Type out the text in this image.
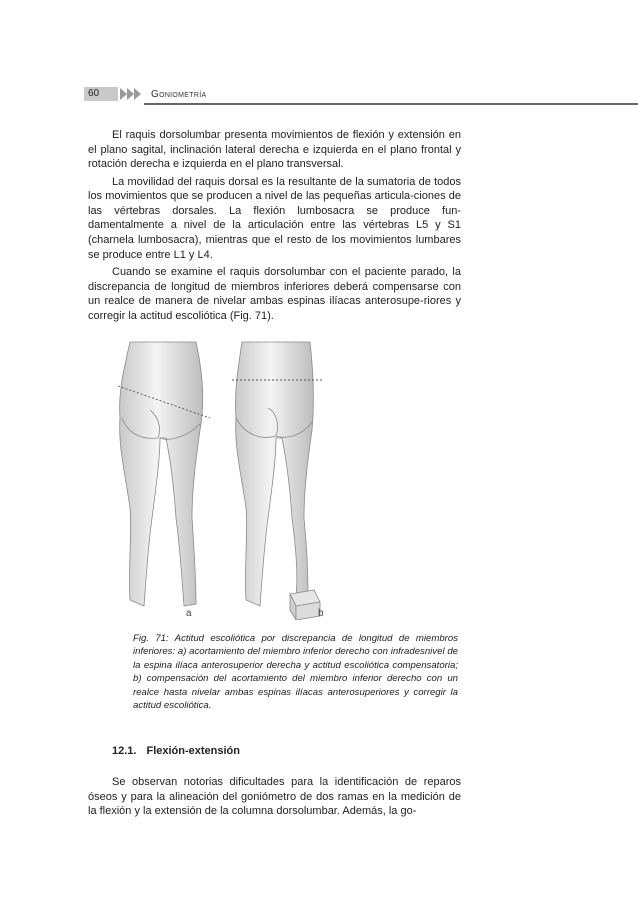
60	Goniometría

El raquis dorsolumbar presenta movimientos de flexión y extensión en el plano sagital, inclinación lateral derecha e izquierda en el plano frontal y rotación derecha e izquierda en el plano transversal.

La movilidad del raquis dorsal es la resultante de la sumatoria de todos los movimientos que se producen a nivel de las pequeñas articula-ciones de las vértebras dorsales. La flexión lumbosacra se produce fun-damentalmente a nivel de la articulación entre las vértebras L5 y S1 (charnela lumbosacra), mientras que el resto de los movimientos lumbares se produce entre L1 y L4.

Cuando se examine el raquis dorsolumbar con el paciente parado, la discrepancia de longitud de miembros inferiores deberá compensarse con un realce de manera de nivelar ambas espinas ilíacas anterosupe-riores y corregir la actitud escoliótica (Fig. 71).

a	b
Fig. 71: Actitud escoliótica por discrepancia de longitud de miembros inferiores: a) acortamiento del miembro inferior derecho con infradesnivel de la espina ilíaca anterosuperior derecha y actitud escoliótica compensatoria; b) compensación del acortamiento del miembro inferior derecho con un realce hasta nivelar ambas espinas ilíacas anterosuperiores y corregir la actitud escoliótica.
12.1. Flexión-extensión

Se observan notorias dificultades para la identificación de reparos óseos y para la alineación del goniómetro de dos ramas en la medición de la flexión y la extensión de la columna dorsolumbar. Además, la go-
